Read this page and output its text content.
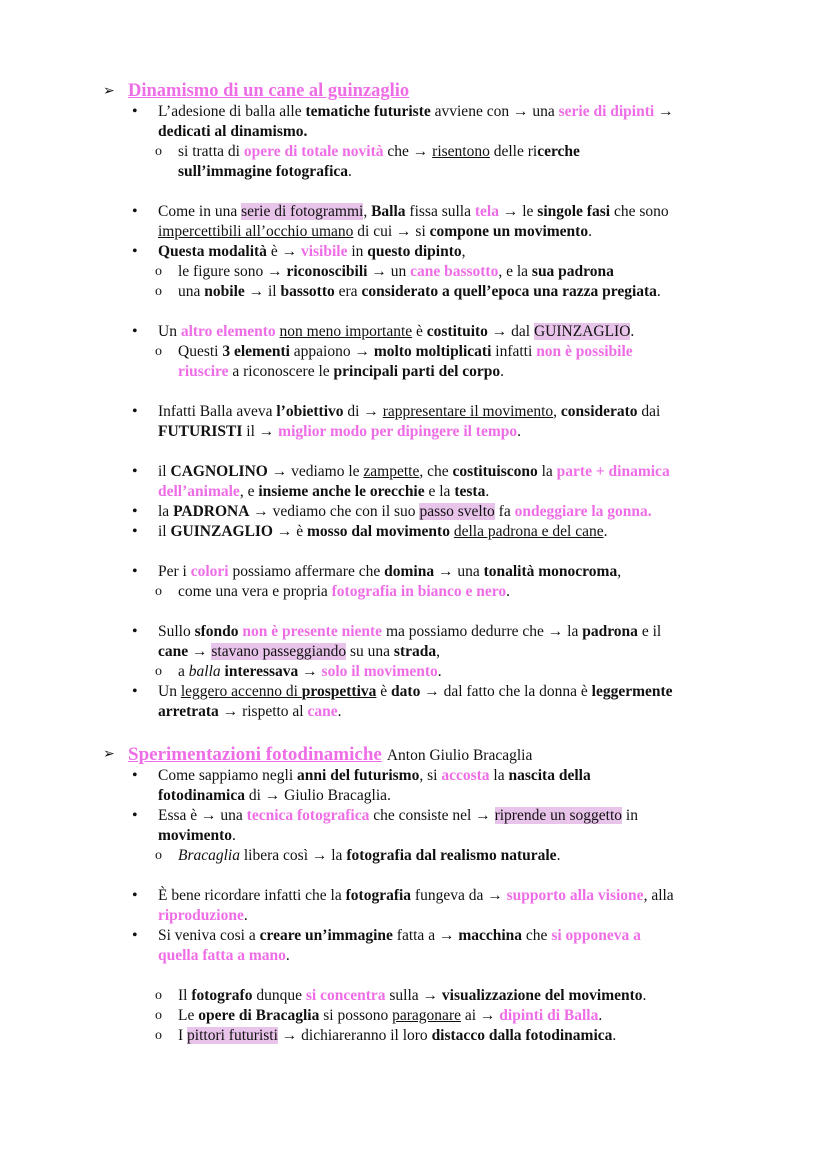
➢ Dinamismo di un cane al guinzaglio
• L’adesione di balla alle tematiche futuriste avviene con → una serie di dipinti →
dedicati al dinamismo.
o si tratta di opere di totale novità che → risentono delle ricerche
sull’immagine fotografica.
• Come in una serie di fotogrammi, Balla fissa sulla tela → le singole fasi che sono
impercettibili all’occhio umano di cui → si compone un movimento.
• Questa modalità è → visibile in questo dipinto,
o le figure sono → riconoscibili → un cane bassotto, e la sua padrona
o una nobile → il bassotto era considerato a quell’epoca una razza pregiata.
• Un altro elemento non meno importante è costituito → dal GUINZAGLIO.
o Questi 3 elementi appaiono → molto moltiplicati infatti non è possibile
riuscire a riconoscere le principali parti del corpo.
• Infatti Balla aveva l’obiettivo di → rappresentare il movimento, considerato dai
FUTURISTI il → miglior modo per dipingere il tempo.
• il CAGNOLINO → vediamo le zampette, che costituiscono la parte + dinamica
dell’animale, e insieme anche le orecchie e la testa.
• la PADRONA → vediamo che con il suo passo svelto fa ondeggiare la gonna.
• il GUINZAGLIO → è mosso dal movimento della padrona e del cane.
• Per i colori possiamo affermare che domina → una tonalità monocroma,
o come una vera e propria fotografia in bianco e nero.
• Sullo sfondo non è presente niente ma possiamo dedurre che → la padrona e il
cane → stavano passeggiando su una strada,
o a balla interessava → solo il movimento.
• Un leggero accenno di prospettiva è dato → dal fatto che la donna è leggermente
arretrata → rispetto al cane.
➢ Sperimentazioni fotodinamiche Anton Giulio Bracaglia
• Come sappiamo negli anni del futurismo, si accosta la nascita della
fotodinamica di → Giulio Bracaglia.
• Essa è → una tecnica fotografica che consiste nel → riprende un soggetto in
movimento.
o Bracaglia libera così → la fotografia dal realismo naturale.
• È bene ricordare infatti che la fotografia fungeva da → supporto alla visione, alla
riproduzione.
• Si veniva cosi a creare un’immagine fatta a → macchina che si opponeva a
quella fatta a mano.
o Il fotografo dunque si concentra sulla → visualizzazione del movimento.
o Le opere di Bracaglia si possono paragonare ai → dipinti di Balla.
o I pittori futuristi → dichiareranno il loro distacco dalla fotodinamica.
